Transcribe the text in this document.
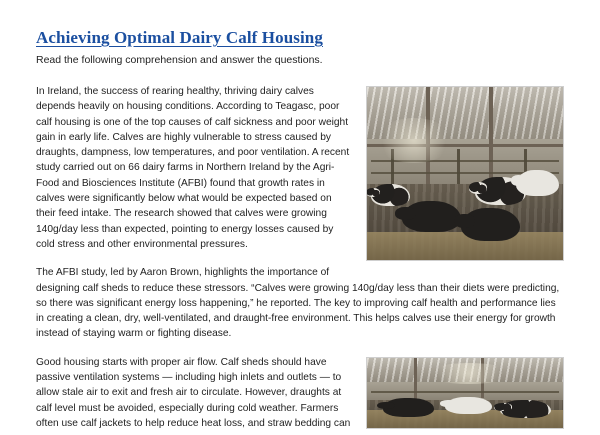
Achieving Optimal Dairy Calf Housing

Read the following comprehension and answer the questions.

In Ireland, the success of rearing healthy, thriving dairy calves depends heavily on housing conditions. According to Teagasc, poor calf housing is one of the top causes of calf sickness and poor weight gain in early life. Calves are highly vulnerable to stress caused by draughts, dampness, low temperatures, and poor ventilation. A recent study carried out on 66 dairy farms in Northern Ireland by the Agri-Food and Biosciences Institute (AFBI) found that growth rates in calves were significantly below what would be expected based on their feed intake. The research showed that calves were growing 140g/day less than expected, pointing to energy losses caused by cold stress and other environmental pressures.

The AFBI study, led by Aaron Brown, highlights the importance of designing calf sheds to reduce these stressors. “Calves were growing 140g/day less than their diets were predicting, so there was significant energy loss happening,” he reported. The key to improving calf health and performance lies in creating a clean, dry, well-ventilated, and draught-free environment. This helps calves use their energy for growth instead of staying warm or fighting disease.

Good housing starts with proper air flow. Calf sheds should have passive ventilation systems — including high inlets and outlets — to allow stale air to exit and fresh air to circulate. However, draughts at calf level must be avoided, especially during cold weather. Farmers often use calf jackets to help reduce heat loss, and straw bedding can
